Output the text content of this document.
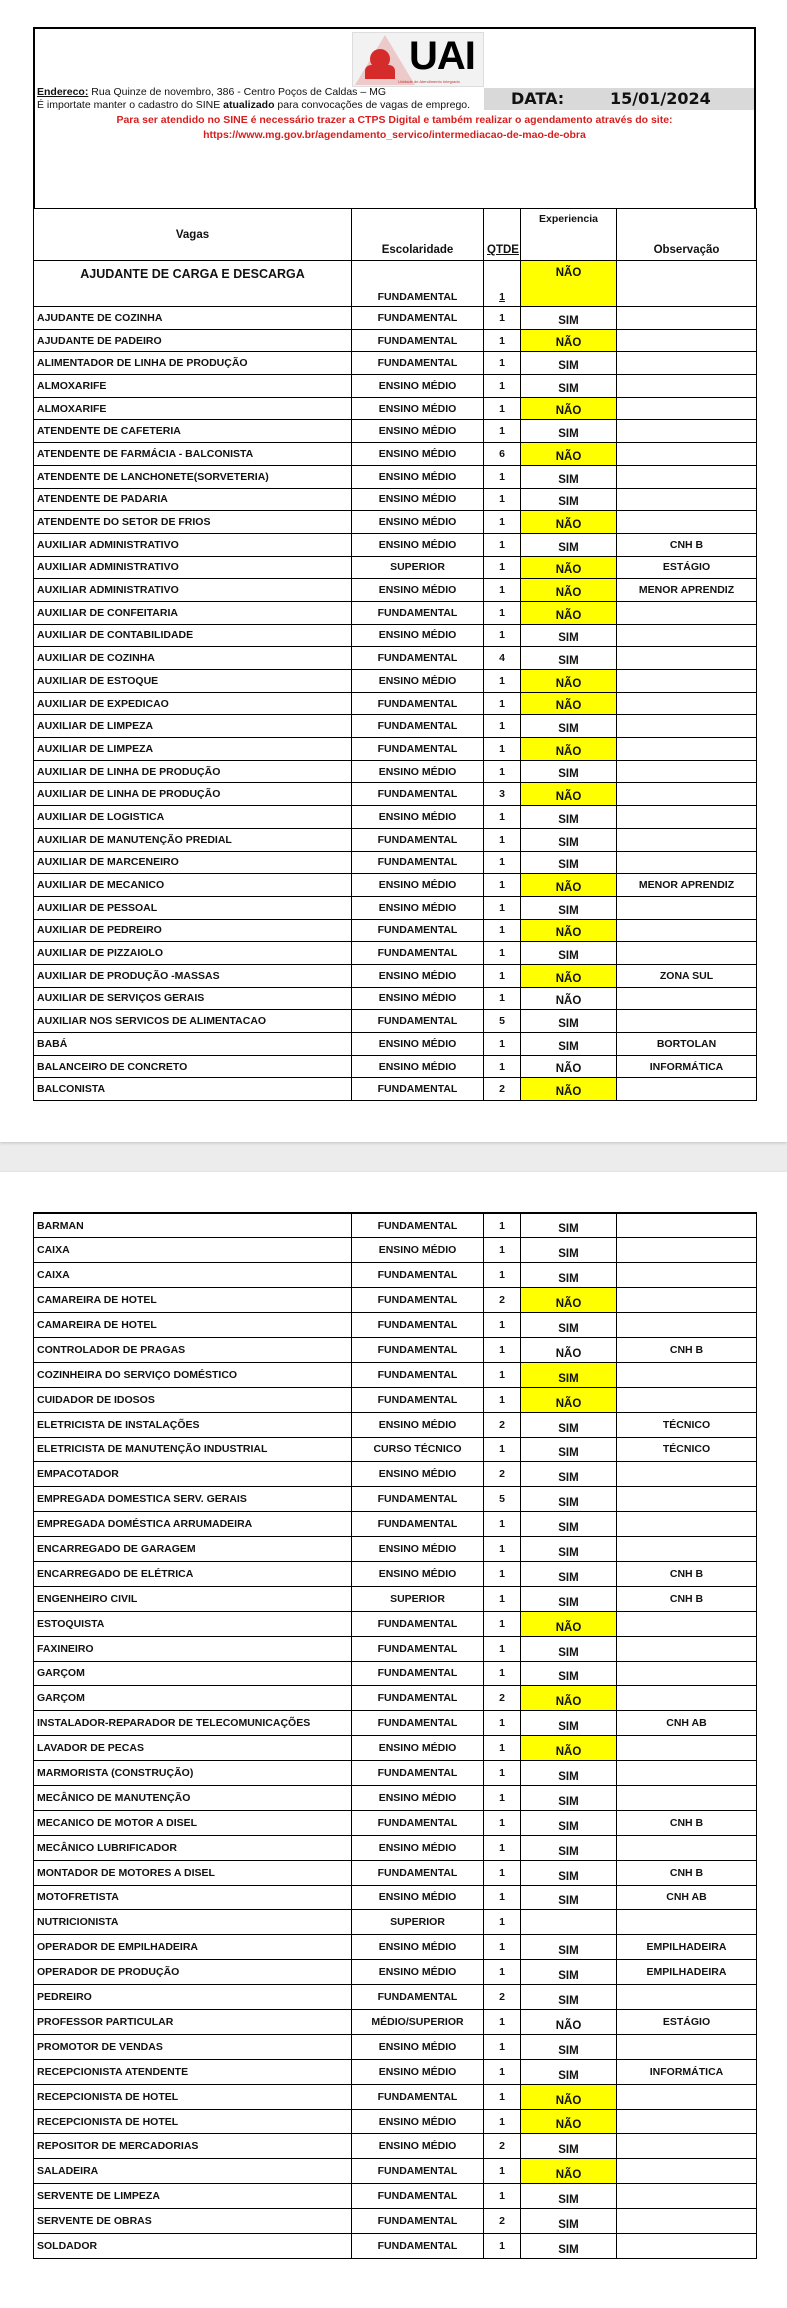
UAI
Unidade de Atendimento Integrado
DATA:	15/01/2024
Endereco: Rua Quinze de novembro, 386 - Centro Poços de Caldas – MG
É importate manter o cadastro do SINE atualizado para convocações de vagas de emprego.
Para ser atendido no SINE é necessário trazer a CTPS Digital e também realizar o agendamento através do site:
https://www.mg.gov.br/agendamento_servico/intermediacao-de-mao-de-obra
Vagas	Escolaridade	QTDE	Experiencia	Observação
AJUDANTE DE CARGA E DESCARGA	FUNDAMENTAL	1	NÃO	
AJUDANTE DE COZINHA	FUNDAMENTAL	1	SIM	
AJUDANTE DE PADEIRO	FUNDAMENTAL	1	NÃO	
ALIMENTADOR DE LINHA DE PRODUÇÃO	FUNDAMENTAL	1	SIM	
ALMOXARIFE	ENSINO MÉDIO	1	SIM	
ALMOXARIFE	ENSINO MÉDIO	1	NÃO	
ATENDENTE DE CAFETERIA	ENSINO MÉDIO	1	SIM	
ATENDENTE DE FARMÁCIA - BALCONISTA	ENSINO MÉDIO	6	NÃO	
ATENDENTE DE LANCHONETE(SORVETERIA)	ENSINO MÉDIO	1	SIM	
ATENDENTE DE PADARIA	ENSINO MÉDIO	1	SIM	
ATENDENTE DO SETOR DE FRIOS	ENSINO MÉDIO	1	NÃO	
AUXILIAR ADMINISTRATIVO	ENSINO MÉDIO	1	SIM	CNH B
AUXILIAR ADMINISTRATIVO	SUPERIOR	1	NÃO	ESTÁGIO
AUXILIAR ADMINISTRATIVO	ENSINO MÉDIO	1	NÃO	MENOR APRENDIZ
AUXILIAR DE CONFEITARIA	FUNDAMENTAL	1	NÃO	
AUXILIAR DE CONTABILIDADE	ENSINO MÉDIO	1	SIM	
AUXILIAR DE COZINHA	FUNDAMENTAL	4	SIM	
AUXILIAR DE ESTOQUE	ENSINO MÉDIO	1	NÃO	
AUXILIAR DE EXPEDICAO	FUNDAMENTAL	1	NÃO	
AUXILIAR DE LIMPEZA	FUNDAMENTAL	1	SIM	
AUXILIAR DE LIMPEZA	FUNDAMENTAL	1	NÃO	
AUXILIAR DE LINHA DE PRODUÇÃO	ENSINO MÉDIO	1	SIM	
AUXILIAR DE LINHA DE PRODUÇÃO	FUNDAMENTAL	3	NÃO	
AUXILIAR DE LOGISTICA	ENSINO MÉDIO	1	SIM	
AUXILIAR DE MANUTENÇÃO PREDIAL	FUNDAMENTAL	1	SIM	
AUXILIAR DE MARCENEIRO	FUNDAMENTAL	1	SIM	
AUXILIAR DE MECANICO	ENSINO MÉDIO	1	NÃO	MENOR APRENDIZ
AUXILIAR DE PESSOAL	ENSINO MÉDIO	1	SIM	
AUXILIAR DE PEDREIRO	FUNDAMENTAL	1	NÃO	
AUXILIAR DE PIZZAIOLO	FUNDAMENTAL	1	SIM	
AUXILIAR DE PRODUÇÃO -MASSAS	ENSINO MÉDIO	1	NÃO	ZONA SUL
AUXILIAR DE SERVIÇOS GERAIS	ENSINO MÉDIO	1	NÃO	
AUXILIAR NOS SERVICOS DE ALIMENTACAO	FUNDAMENTAL	5	SIM	
BABÁ	ENSINO MÉDIO	1	SIM	BORTOLAN
BALANCEIRO DE CONCRETO	ENSINO MÉDIO	1	NÃO	INFORMÁTICA
BALCONISTA	FUNDAMENTAL	2	NÃO	
BARMAN	FUNDAMENTAL	1	SIM	
CAIXA	ENSINO MÉDIO	1	SIM	
CAIXA	FUNDAMENTAL	1	SIM	
CAMAREIRA DE HOTEL	FUNDAMENTAL	2	NÃO	
CAMAREIRA DE HOTEL	FUNDAMENTAL	1	SIM	
CONTROLADOR DE PRAGAS	FUNDAMENTAL	1	NÃO	CNH B
COZINHEIRA DO SERVIÇO DOMÉSTICO	FUNDAMENTAL	1	SIM	
CUIDADOR DE IDOSOS	FUNDAMENTAL	1	NÃO	
ELETRICISTA DE INSTALAÇÕES	ENSINO MÉDIO	2	SIM	TÉCNICO
ELETRICISTA DE MANUTENÇÃO INDUSTRIAL	CURSO TÉCNICO	1	SIM	TÉCNICO
EMPACOTADOR	ENSINO MÉDIO	2	SIM	
EMPREGADA DOMESTICA SERV. GERAIS	FUNDAMENTAL	5	SIM	
EMPREGADA DOMÉSTICA ARRUMADEIRA	FUNDAMENTAL	1	SIM	
ENCARREGADO DE GARAGEM	ENSINO MÉDIO	1	SIM	
ENCARREGADO DE ELÉTRICA	ENSINO MÉDIO	1	SIM	CNH B
ENGENHEIRO CIVIL	SUPERIOR	1	SIM	CNH B
ESTOQUISTA	FUNDAMENTAL	1	NÃO	
FAXINEIRO	FUNDAMENTAL	1	SIM	
GARÇOM	FUNDAMENTAL	1	SIM	
GARÇOM	FUNDAMENTAL	2	NÃO	
INSTALADOR-REPARADOR DE TELECOMUNICAÇÕES	FUNDAMENTAL	1	SIM	CNH AB
LAVADOR DE PECAS	ENSINO MÉDIO	1	NÃO	
MARMORISTA (CONSTRUÇÃO)	FUNDAMENTAL	1	SIM	
MECÂNICO DE MANUTENÇÃO	ENSINO MÉDIO	1	SIM	
MECANICO DE MOTOR A DISEL	FUNDAMENTAL	1	SIM	CNH B
MECÂNICO LUBRIFICADOR	ENSINO MÉDIO	1	SIM	
MONTADOR DE MOTORES A DISEL	FUNDAMENTAL	1	SIM	CNH B
MOTOFRETISTA	ENSINO MÉDIO	1	SIM	CNH AB
NUTRICIONISTA	SUPERIOR	1		
OPERADOR DE EMPILHADEIRA	ENSINO MÉDIO	1	SIM	EMPILHADEIRA
OPERADOR DE PRODUÇÃO	ENSINO MÉDIO	1	SIM	EMPILHADEIRA
PEDREIRO	FUNDAMENTAL	2	SIM	
PROFESSOR PARTICULAR	MÉDIO/SUPERIOR	1	NÃO	ESTÁGIO
PROMOTOR DE VENDAS	ENSINO MÉDIO	1	SIM	
RECEPCIONISTA ATENDENTE	ENSINO MÉDIO	1	SIM	INFORMÁTICA
RECEPCIONISTA DE HOTEL	FUNDAMENTAL	1	NÃO	
RECEPCIONISTA DE HOTEL	ENSINO MÉDIO	1	NÃO	
REPOSITOR DE MERCADORIAS	ENSINO MÉDIO	2	SIM	
SALADEIRA	FUNDAMENTAL	1	NÃO	
SERVENTE DE LIMPEZA	FUNDAMENTAL	1	SIM	
SERVENTE DE OBRAS	FUNDAMENTAL	2	SIM	
SOLDADOR	FUNDAMENTAL	1	SIM	
